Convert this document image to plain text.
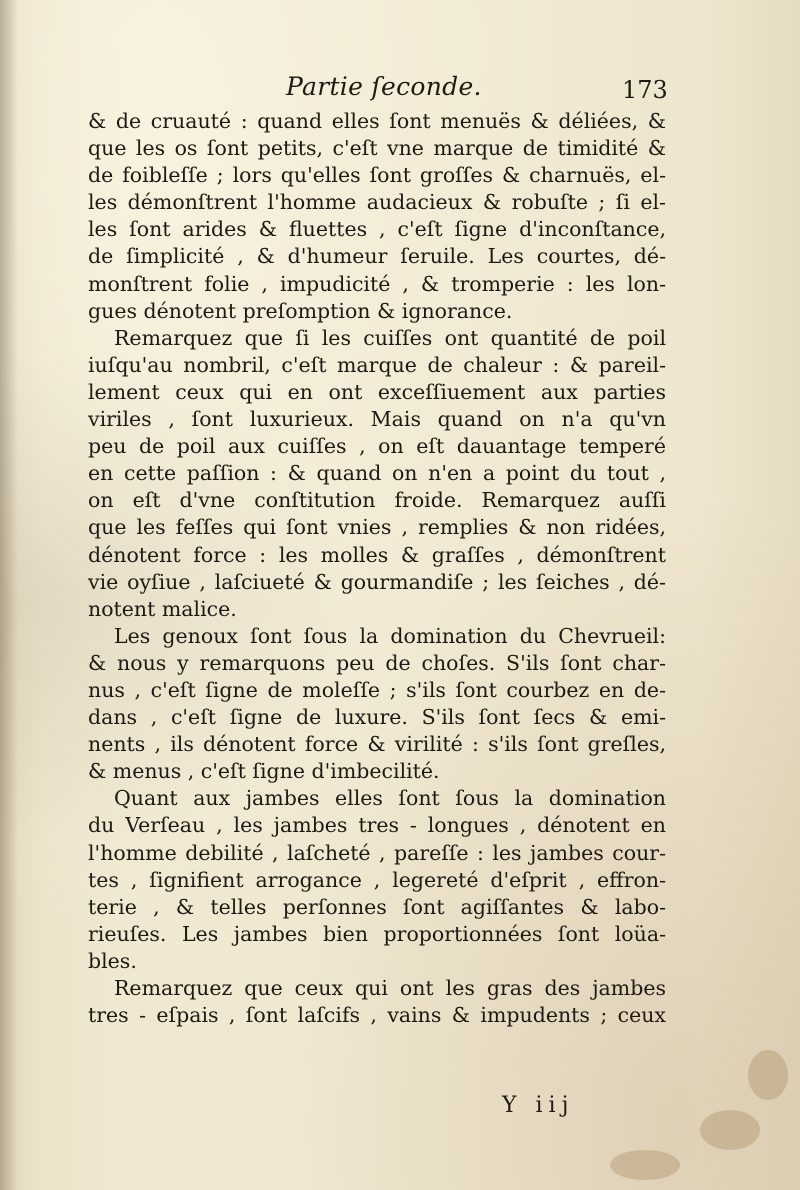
Partie ſeconde.	173
& de cruauté : quand elles ſont menuës & déliées, &
que les os ſont petits, c'eſt vne marque de timidité &
de foibleſſe ; lors qu'elles ſont groſſes & charnuës, el-
les démonſtrent l'homme audacieux & robuſte ; ſi el-
les ſont arides & fluettes , c'eſt ſigne d'inconſtance,
de ſimplicité , & d'humeur ſeruile. Les courtes, dé-
monſtrent folie , impudicité , & tromperie : les lon-
gues dénotent preſomption & ignorance.
Remarquez que ſi les cuiſſes ont quantité de poil
iuſqu'au nombril, c'eſt marque de chaleur : & pareil-
lement ceux qui en ont exceſſiuement aux parties
viriles , ſont luxurieux. Mais quand on n'a qu'vn
peu de poil aux cuiſſes , on eſt dauantage temperé
en cette paſſion : & quand on n'en a point du tout ,
on eſt d'vne conſtitution froide. Remarquez auſſi
que les feſſes qui ſont vnies , remplies & non ridées,
dénotent force : les molles & graſſes , démonſtrent
vie oyſiue , laſciueté & gourmandiſe ; les ſeiches , dé-
notent malice.
Les genoux ſont ſous la domination du Chevrueil:
& nous y remarquons peu de choſes. S'ils ſont char-
nus , c'eſt ſigne de moleſſe ; s'ils ſont courbez en de-
dans , c'eſt ſigne de luxure. S'ils ſont ſecs & emi-
nents , ils dénotent force & virilité : s'ils ſont greſles,
& menus , c'eſt ſigne d'imbecilité.
Quant aux jambes elles ſont ſous la domination
du Verſeau , les jambes tres - longues , dénotent en
l'homme debilité , laſcheté , pareſſe : les jambes cour-
tes , ſignifient arrogance , legereté d'eſprit , effron-
terie , & telles perſonnes ſont agiſſantes & labo-
rieuſes. Les jambes bien proportionnées ſont loüa-
bles.
Remarquez que ceux qui ont les gras des jambes
tres - eſpais , ſont laſcifs , vains & impudents ; ceux
Y iij
